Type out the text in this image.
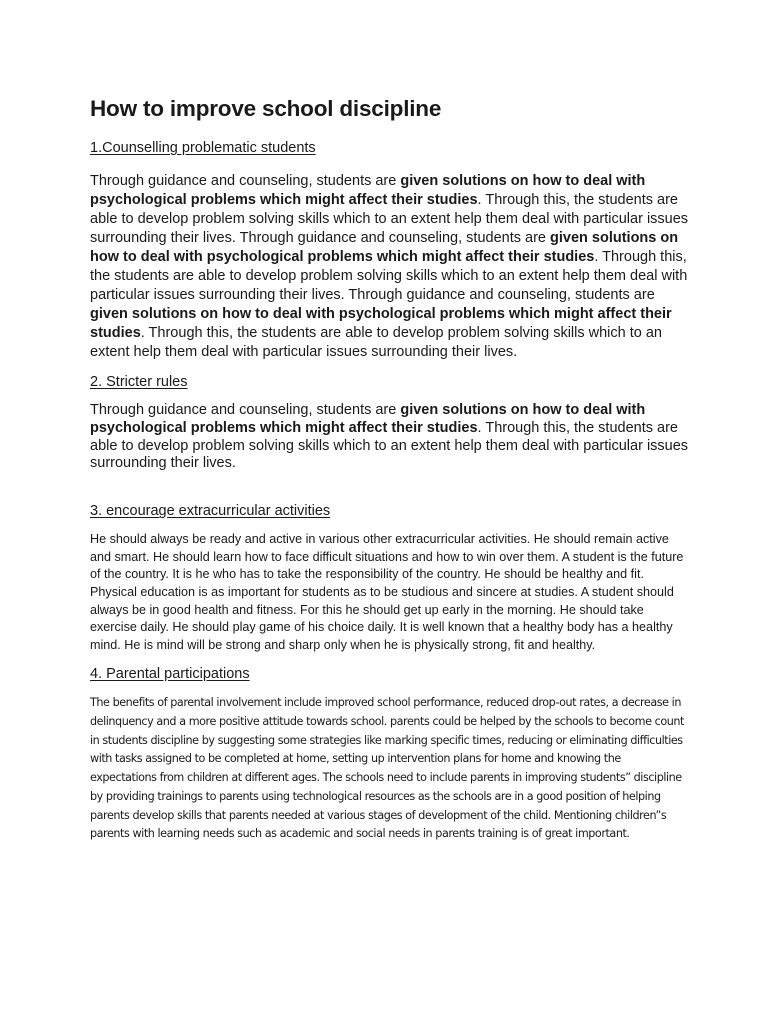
How to improve school discipline
1.Counselling problematic students

Through guidance and counseling, students are given solutions on how to deal with psychological problems which might affect their studies. Through this, the students are able to develop problem solving skills which to an extent help them deal with particular issues surrounding their lives. Through guidance and counseling, students are given solutions on how to deal with psychological problems which might affect their studies. Through this, the students are able to develop problem solving skills which to an extent help them deal with particular issues surrounding their lives. Through guidance and counseling, students are given solutions on how to deal with psychological problems which might affect their studies. Through this, the students are able to develop problem solving skills which to an extent help them deal with particular issues surrounding their lives.

2. Stricter rules

Through guidance and counseling, students are given solutions on how to deal with psychological problems which might affect their studies. Through this, the students are able to develop problem solving skills which to an extent help them deal with particular issues surrounding their lives.

3. encourage extracurricular activities

He should always be ready and active in various other extracurricular activities. He should remain active and smart. He should learn how to face difficult situations and how to win over them. A student is the future of the country. It is he who has to take the responsibility of the country. He should be healthy and fit. Physical education is as important for students as to be studious and sincere at studies. A student should always be in good health and fitness. For this he should get up early in the morning. He should take exercise daily. He should play game of his choice daily. It is well known that a healthy body has a healthy mind. He is mind will be strong and sharp only when he is physically strong, fit and healthy.

4. Parental participations

The benefits of parental involvement include improved school performance, reduced drop-out rates, a decrease in delinquency and a more positive attitude towards school. parents could be helped by the schools to become count in students discipline by suggesting some strategies like marking specific times, reducing or eliminating difficulties with tasks assigned to be completed at home, setting up intervention plans for home and knowing the expectations from children at different ages. The schools need to include parents in improving students” discipline by providing trainings to parents using technological resources as the schools are in a good position of helping parents develop skills that parents needed at various stages of development of the child. Mentioning children”s parents with learning needs such as academic and social needs in parents training is of great important.
